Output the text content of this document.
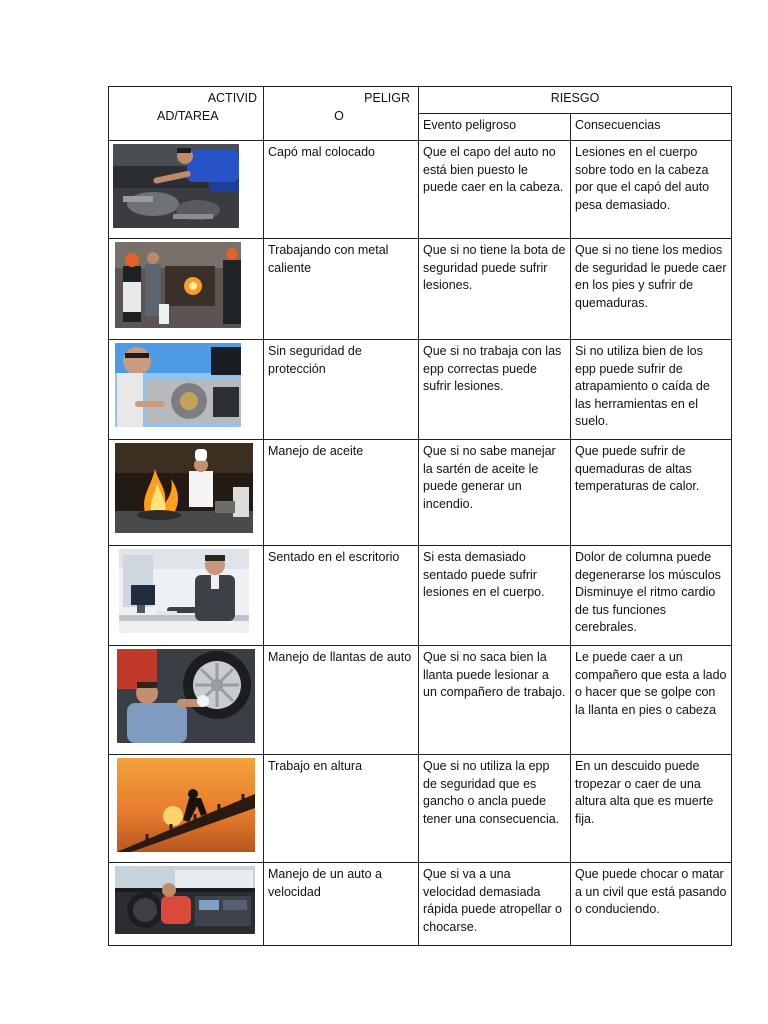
ACTIVID
AD/TAREA	PELIGR
O	RIESGO	
		Evento peligroso	Consecuencias

	Capó mal colocado	Que el capo del auto no está bien puesto le puede caer en la cabeza.	Lesiones en el cuerpo sobre todo en la cabeza por que el capó del auto pesa demasiado.

	Trabajando con metal caliente	Que si no tiene la bota de seguridad puede sufrir lesiones.	Que si no tiene los medios de seguridad le puede caer en los pies y sufrir de quemaduras.

	Sin seguridad de protección	Que si no trabaja con las epp correctas puede sufrir lesiones.	Si no utiliza bien de los epp puede sufrir de atrapamiento o caída de las herramientas en el suelo.

	Manejo de aceite	Que si no sabe manejar la sartén de aceite le puede generar un incendio.	Que puede sufrir de quemaduras de altas temperaturas de calor.

	Sentado en el escritorio	Si esta demasiado sentado puede sufrir lesiones en el cuerpo.	Dolor de columna puede degenerarse los músculos Disminuye el ritmo cardio de tus funciones cerebrales.

	Manejo de llantas de auto	Que si no saca bien la llanta puede lesionar a un compañero de trabajo.	Le puede caer a un compañero que esta a lado o hacer que se golpe con la llanta en pies o cabeza

	Trabajo en altura	Que si no utiliza la epp de seguridad que es gancho o ancla puede tener una consecuencia.	En un descuido puede tropezar o caer de una altura alta que es muerte fija.

	Manejo de un auto a velocidad	Que si va a una velocidad demasiada rápida puede atropellar o chocarse.	Que puede chocar o matar a un civil que está pasando o conduciendo.
